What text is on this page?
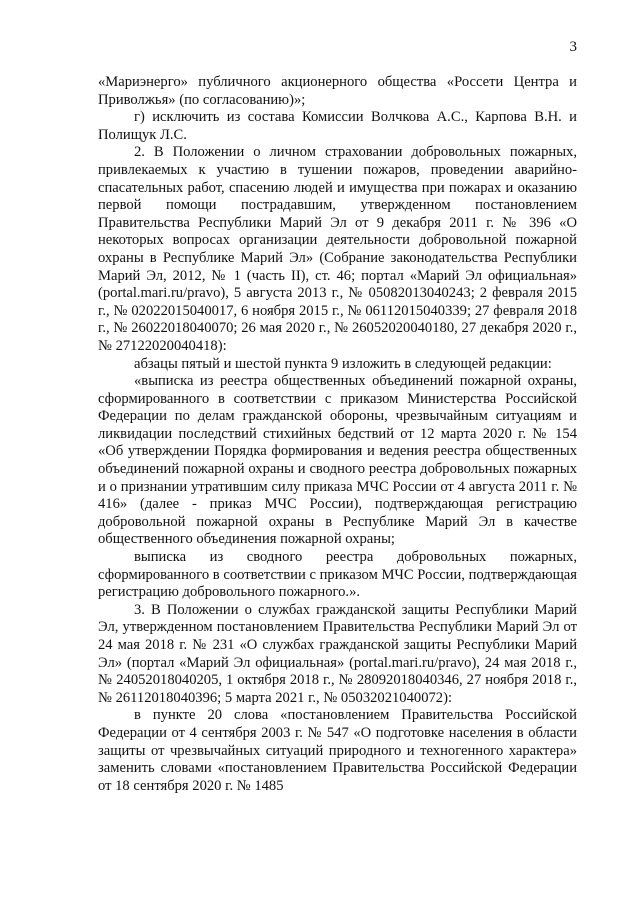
3

«Мариэнерго» публичного акционерного общества «Россети Центра и Приволжья» (по согласованию)»;

г) исключить из состава Комиссии Волчкова А.С., Карпова В.Н. и Полищук Л.С.

2. В Положении о личном страховании добровольных пожарных, привлекаемых к участию в тушении пожаров, проведении аварийно-спасательных работ, спасению людей и имущества при пожарах и оказанию первой помощи пострадавшим, утвержденном постановлением Правительства Республики Марий Эл от 9 декабря 2011 г. № 396 «О некоторых вопросах организации деятельности добровольной пожарной охраны в Республике Марий Эл» (Собрание законодательства Республики Марий Эл, 2012, № 1 (часть II), ст. 46; портал «Марий Эл официальная» (portal.mari.ru/pravo), 5 августа 2013 г., № 05082013040243; 2 февраля 2015 г., № 02022015040017, 6 ноября 2015 г., № 06112015040339; 27 февраля 2018 г., № 26022018040070; 26 мая 2020 г., № 26052020040180, 27 декабря 2020 г., № 27122020040418):

абзацы пятый и шестой пункта 9 изложить в следующей редакции:

«выписка из реестра общественных объединений пожарной охраны, сформированного в соответствии с приказом Министерства Российской Федерации по делам гражданской обороны, чрезвычайным ситуациям и ликвидации последствий стихийных бедствий от 12 марта 2020 г. № 154 «Об утверждении Порядка формирования и ведения реестра общественных объединений пожарной охраны и сводного реестра добровольных пожарных и о признании утратившим силу приказа МЧС России от 4 августа 2011 г. № 416» (далее - приказ МЧС России), подтверждающая регистрацию добровольной пожарной охраны в Республике Марий Эл в качестве общественного объединения пожарной охраны;

выписка из сводного реестра добровольных пожарных, сформированного в соответствии с приказом МЧС России, подтверждающая регистрацию добровольного пожарного.».

3. В Положении о службах гражданской защиты Республики Марий Эл, утвержденном постановлением Правительства Республики Марий Эл от 24 мая 2018 г. № 231 «О службах гражданской защиты Республики Марий Эл» (портал «Марий Эл официальная» (portal.mari.ru/pravo), 24 мая 2018 г., № 24052018040205, 1 октября 2018 г., № 28092018040346, 27 ноября 2018 г., № 26112018040396; 5 марта 2021 г., № 05032021040072):

в пункте 20 слова «постановлением Правительства Российской Федерации от 4 сентября 2003 г. № 547 «О подготовке населения в области защиты от чрезвычайных ситуаций природного и техногенного характера» заменить словами «постановлением Правительства Российской Федерации от 18 сентября 2020 г. № 1485
